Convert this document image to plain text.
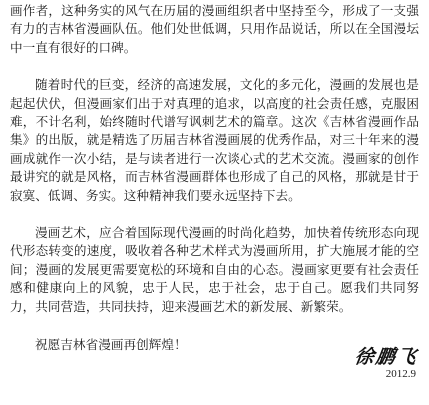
画作者，这种务实的风气在历届的漫画组织者中坚持至今，形成了一支强有力的吉林省漫画队伍。他们处世低调，只用作品说话，所以在全国漫坛中一直有很好的口碑。

随着时代的巨变，经济的高速发展，文化的多元化，漫画的发展也是起起伏伏，但漫画家们出于对真理的追求，以高度的社会责任感，克服困难，不计名利，始终随时代谱写讽刺艺术的篇章。这次《吉林省漫画作品集》的出版，就是精选了历届吉林省漫画展的优秀作品，对三十年来的漫画成就作一次小结，是与读者进行一次谈心式的艺术交流。漫画家的创作最讲究的就是风格，而吉林省漫画群体也形成了自己的风格，那就是甘于寂寞、低调、务实。这种精神我们要永远坚持下去。

漫画艺术，应合着国际现代漫画的时尚化趋势，加快着传统形态向现代形态转变的速度，吸收着各种艺术样式为漫画所用，扩大施展才能的空间；漫画的发展更需要宽松的环境和自由的心态。漫画家更要有社会责任感和健康向上的风貌，忠于人民，忠于社会，忠于自己。愿我们共同努力，共同营造，共同扶持，迎来漫画艺术的新发展、新繁荣。

祝愿吉林省漫画再创辉煌！

徐鹏飞
2012.9
